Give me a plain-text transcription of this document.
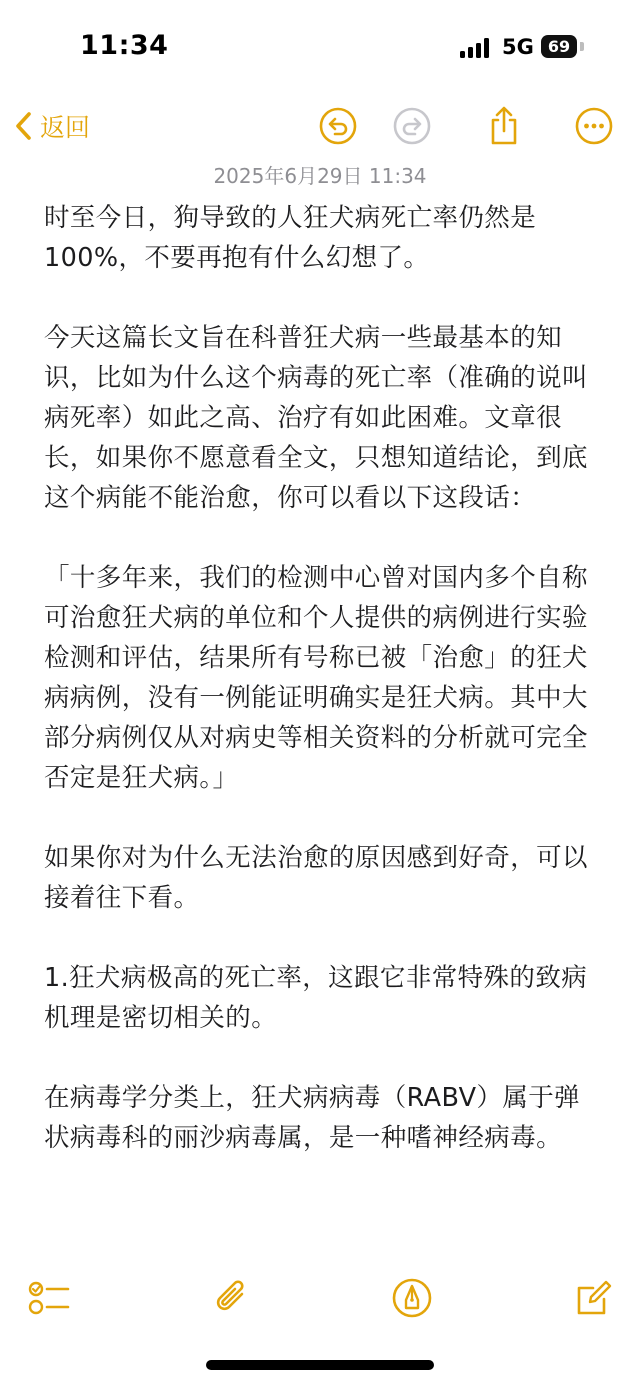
11:34	5G 69
返回
2025年6月29日 11:34

时至今日，狗导致的人狂犬病死亡率仍然是100%，不要再抱有什么幻想了。

今天这篇长文旨在科普狂犬病一些最基本的知识，比如为什么这个病毒的死亡率（准确的说叫病死率）如此之高、治疗有如此困难。文章很长，如果你不愿意看全文，只想知道结论，到底这个病能不能治愈，你可以看以下这段话：

「十多年来，我们的检测中心曾对国内多个自称可治愈狂犬病的单位和个人提供的病例进行实验检测和评估，结果所有号称已被「治愈」的狂犬病病例，没有一例能证明确实是狂犬病。其中大部分病例仅从对病史等相关资料的分析就可完全否定是狂犬病。」

如果你对为什么无法治愈的原因感到好奇，可以接着往下看。

1.狂犬病极高的死亡率，这跟它非常特殊的致病机理是密切相关的。

在病毒学分类上，狂犬病病毒（RABV）属于弹状病毒科的丽沙病毒属，是一种嗜神经病毒。
